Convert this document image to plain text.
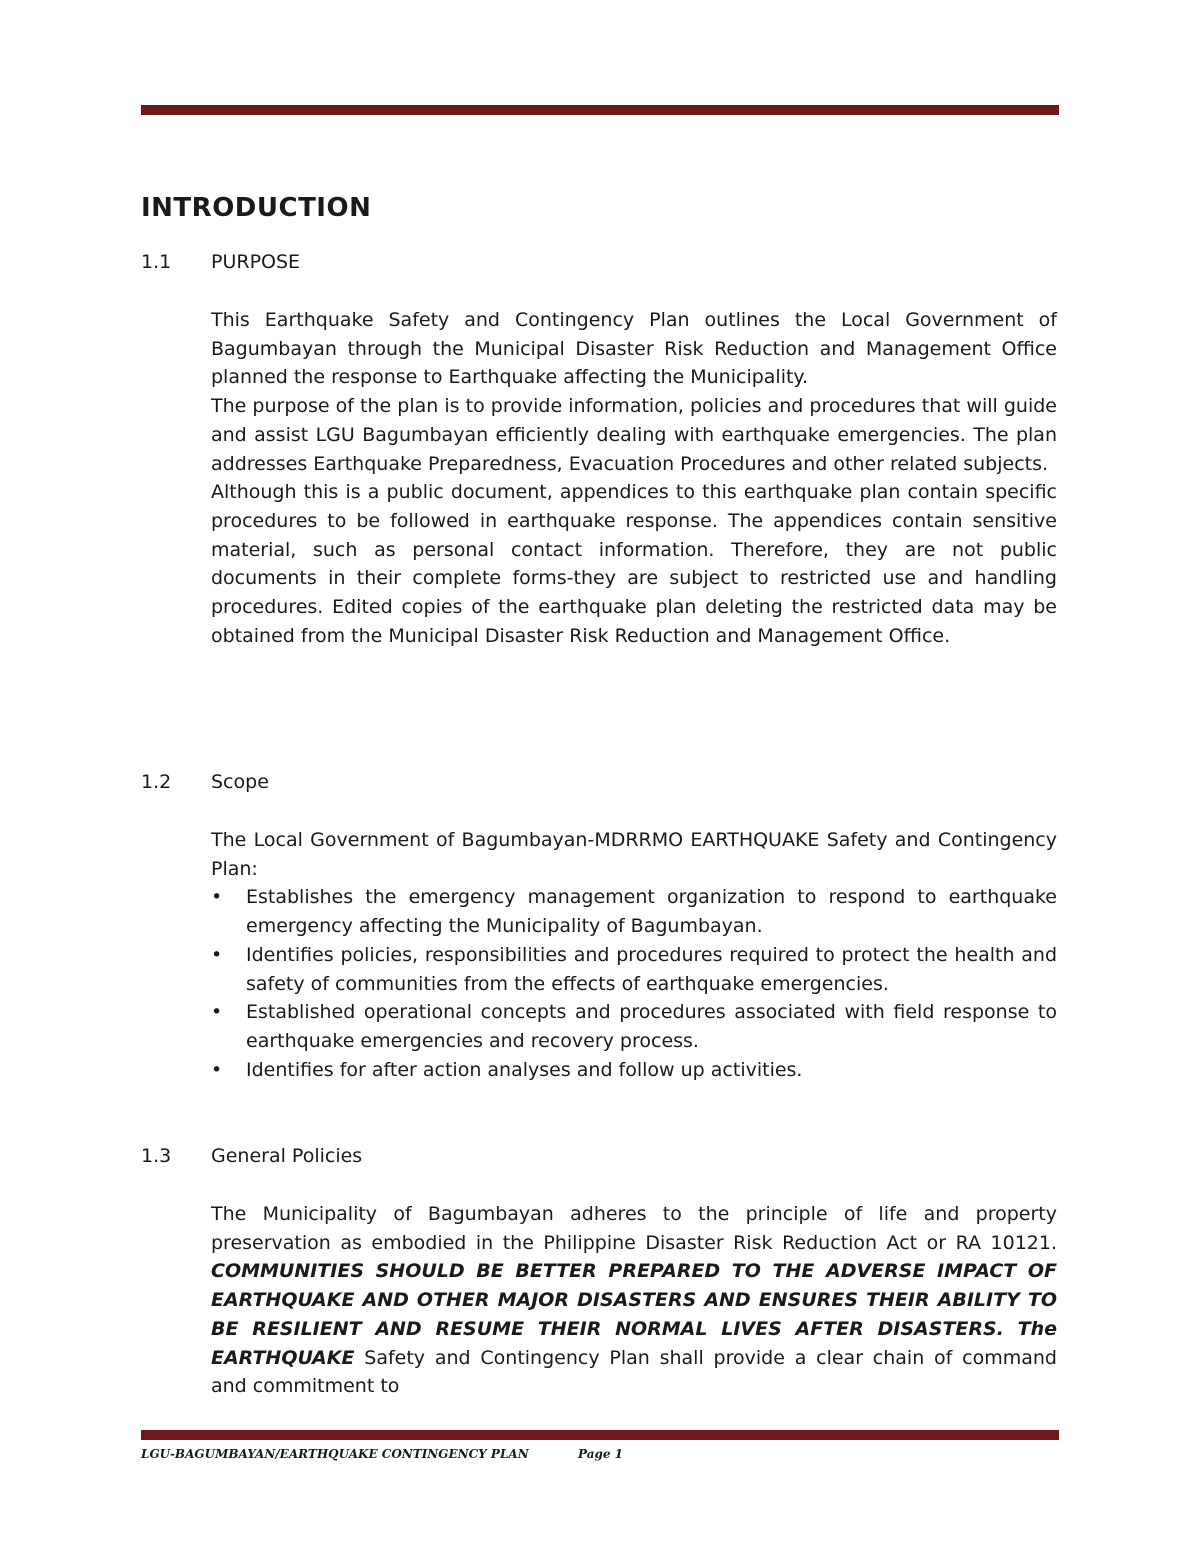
INTRODUCTION
1.1 PURPOSE

This Earthquake Safety and Contingency Plan outlines the Local Government of Bagumbayan through the Municipal Disaster Risk Reduction and Management Office planned the response to Earthquake affecting the Municipality.

The purpose of the plan is to provide information, policies and procedures that will guide and assist LGU Bagumbayan efficiently dealing with earthquake emergencies. The plan addresses Earthquake Preparedness, Evacuation Procedures and other related subjects.

Although this is a public document, appendices to this earthquake plan contain specific procedures to be followed in earthquake response. The appendices contain sensitive material, such as personal contact information. Therefore, they are not public documents in their complete forms-they are subject to restricted use and handling procedures. Edited copies of the earthquake plan deleting the restricted data may be obtained from the Municipal Disaster Risk Reduction and Management Office.

1.2 Scope

The Local Government of Bagumbayan-MDRRMO EARTHQUAKE Safety and Contingency Plan:

• Establishes the emergency management organization to respond to earthquake emergency affecting the Municipality of Bagumbayan.
• Identifies policies, responsibilities and procedures required to protect the health and safety of communities from the effects of earthquake emergencies.
• Established operational concepts and procedures associated with field response to earthquake emergencies and recovery process.
• Identifies for after action analyses and follow up activities.
1.3 General Policies

The Municipality of Bagumbayan adheres to the principle of life and property preservation as embodied in the Philippine Disaster Risk Reduction Act or RA 10121. COMMUNITIES SHOULD BE BETTER PREPARED TO THE ADVERSE IMPACT OF EARTHQUAKE AND OTHER MAJOR DISASTERS AND ENSURES THEIR ABILITY TO BE RESILIENT AND RESUME THEIR NORMAL LIVES AFTER DISASTERS. The EARTHQUAKE Safety and Contingency Plan shall provide a clear chain of command and commitment to

LGU-BAGUMBAYAN/EARTHQUAKE CONTINGENCY PLAN	Page 1
